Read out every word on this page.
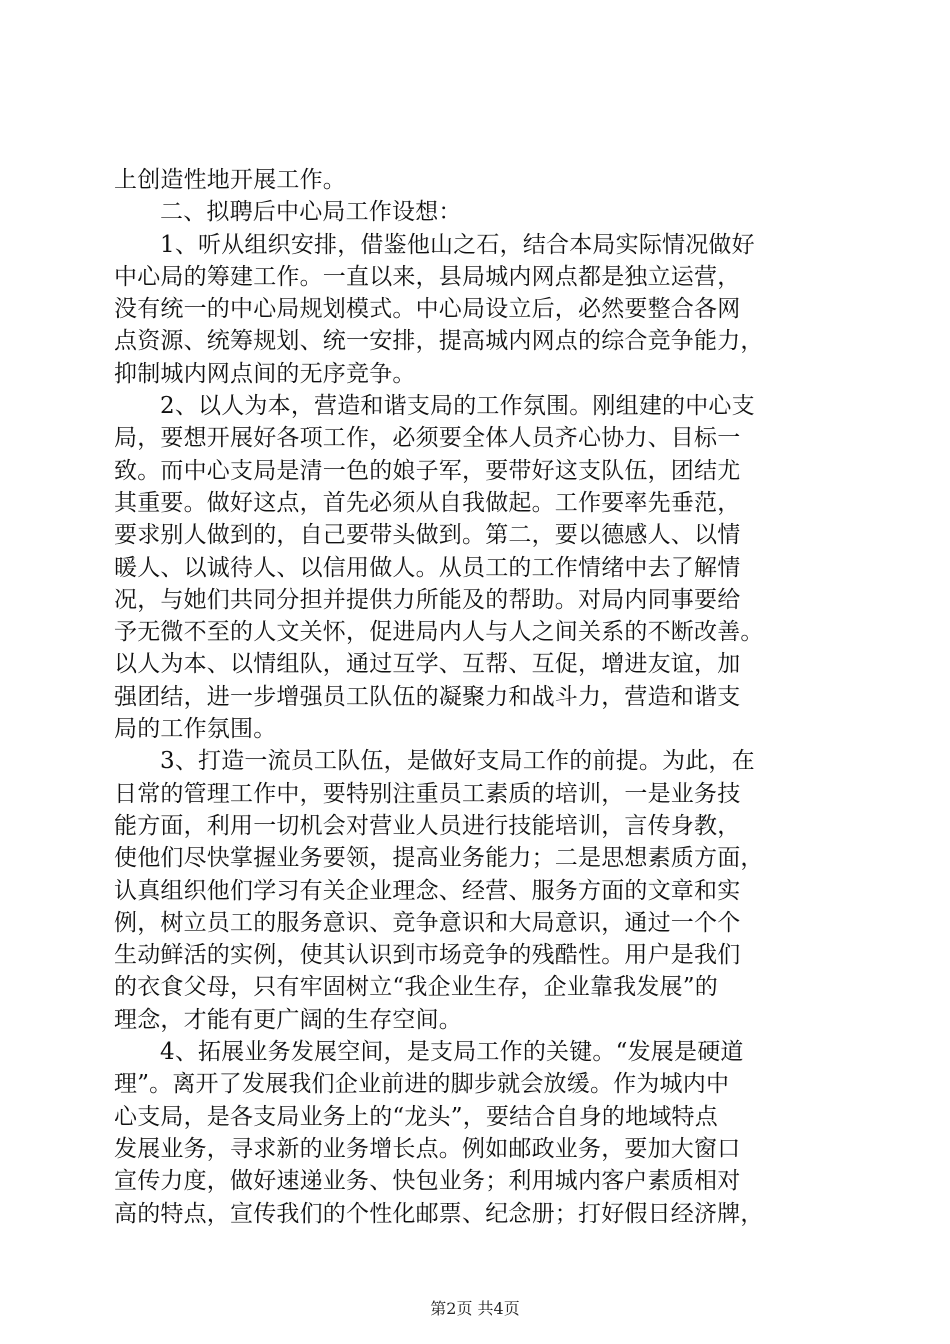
上创造性地开展工作。
二、拟聘后中心局工作设想：
1、听从组织安排，借鉴他山之石，结合本局实际情况做好
中心局的筹建工作。一直以来，县局城内网点都是独立运营，
没有统一的中心局规划模式。中心局设立后，必然要整合各网
点资源、统筹规划、统一安排，提高城内网点的综合竞争能力，
抑制城内网点间的无序竞争。
2、以人为本，营造和谐支局的工作氛围。刚组建的中心支
局，要想开展好各项工作，必须要全体人员齐心协力、目标一
致。而中心支局是清一色的娘子军，要带好这支队伍，团结尤
其重要。做好这点，首先必须从自我做起。工作要率先垂范，
要求别人做到的，自己要带头做到。第二，要以德感人、以情
暖人、以诚待人、以信用做人。从员工的工作情绪中去了解情
况，与她们共同分担并提供力所能及的帮助。对局内同事要给
予无微不至的人文关怀，促进局内人与人之间关系的不断改善。
以人为本、以情组队，通过互学、互帮、互促，增进友谊，加
强团结，进一步增强员工队伍的凝聚力和战斗力，营造和谐支
局的工作氛围。
3、打造一流员工队伍，是做好支局工作的前提。为此，在
日常的管理工作中，要特别注重员工素质的培训，一是业务技
能方面，利用一切机会对营业人员进行技能培训，言传身教，
使他们尽快掌握业务要领，提高业务能力；二是思想素质方面，
认真组织他们学习有关企业理念、经营、服务方面的文章和实
例，树立员工的服务意识、竞争意识和大局意识，通过一个个
生动鲜活的实例，使其认识到市场竞争的残酷性。用户是我们
的衣食父母，只有牢固树立“我企业生存，企业靠我发展”的
理念，才能有更广阔的生存空间。
4、拓展业务发展空间，是支局工作的关键。“发展是硬道
理”。离开了发展我们企业前进的脚步就会放缓。作为城内中
心支局，是各支局业务上的“龙头”，要结合自身的地域特点
发展业务，寻求新的业务增长点。例如邮政业务，要加大窗口
宣传力度，做好速递业务、快包业务；利用城内客户素质相对
高的特点，宣传我们的个性化邮票、纪念册；打好假日经济牌，
第2页 共4页
